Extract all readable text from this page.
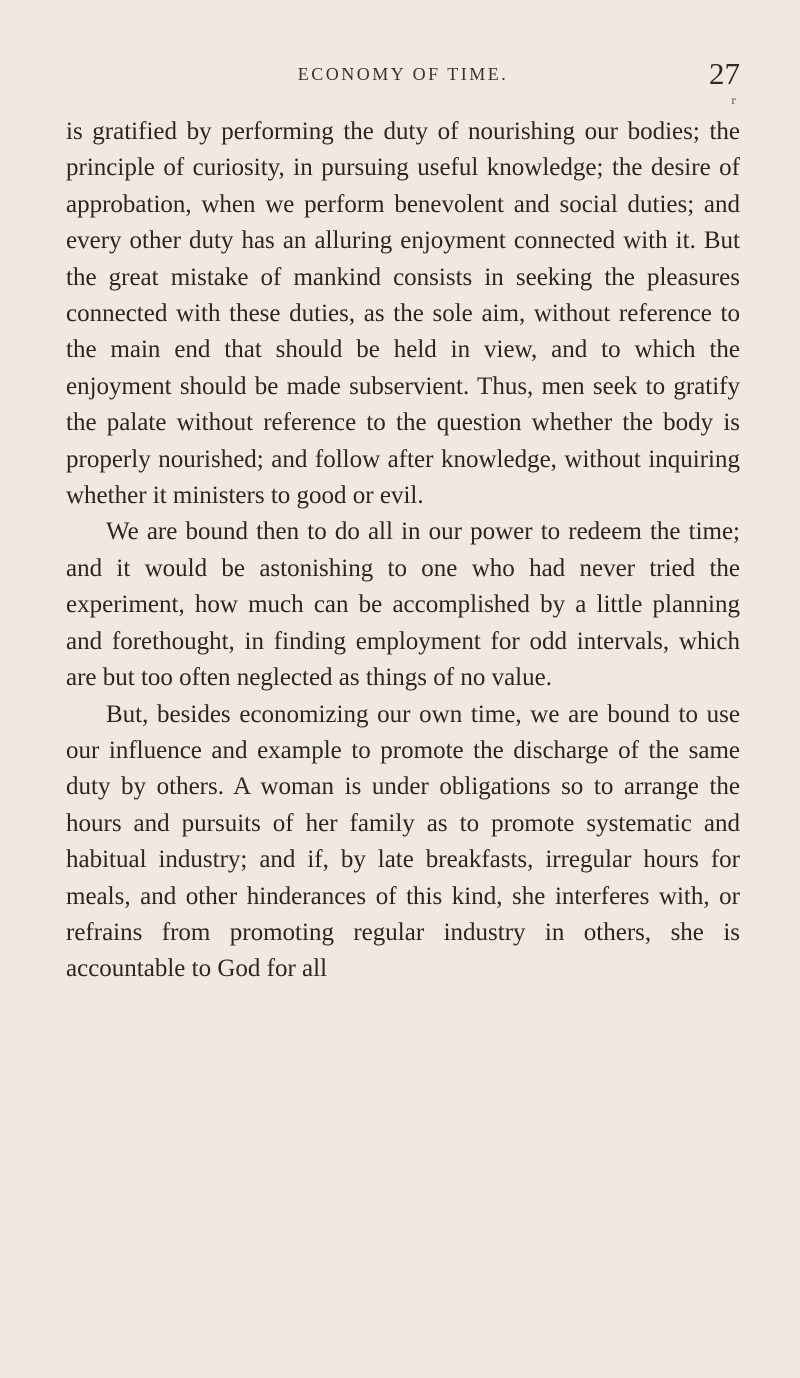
ECONOMY OF TIME.	27
r

is gratified by performing the duty of nourishing our bodies; the principle of curiosity, in pursuing useful knowledge; the desire of approbation, when we perform benevolent and social duties; and every other duty has an alluring enjoyment connected with it. But the great mistake of mankind consists in seeking the pleasures connected with these duties, as the sole aim, without reference to the main end that should be held in view, and to which the enjoyment should be made subservient. Thus, men seek to gratify the palate without reference to the question whether the body is properly nourished; and follow after knowledge, without inquiring whether it ministers to good or evil.

We are bound then to do all in our power to redeem the time; and it would be astonishing to one who had never tried the experiment, how much can be accomplished by a little planning and forethought, in finding employment for odd intervals, which are but too often neglected as things of no value.

But, besides economizing our own time, we are bound to use our influence and example to promote the discharge of the same duty by others. A woman is under obligations so to arrange the hours and pursuits of her family as to promote systematic and habitual industry; and if, by late breakfasts, irregular hours for meals, and other hinderances of this kind, she interferes with, or refrains from promoting regular industry in others, she is accountable to God for all
